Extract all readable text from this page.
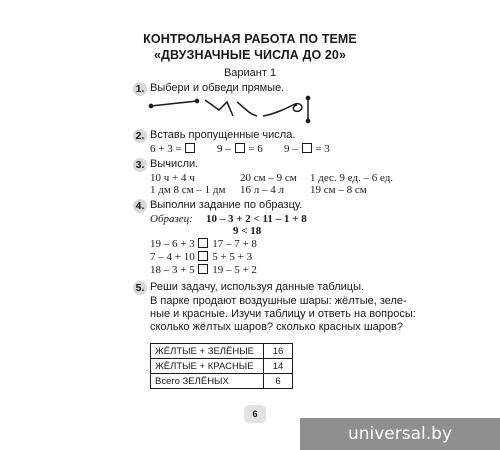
КОНТРОЛЬНАЯ РАБОТА ПО ТЕМЕ
«ДВУЗНАЧНЫЕ ЧИСЛА ДО 20»
Вариант 1
1. Выбери и обведи прямые.
2. Вставь пропущенные числа.
6 + 3 =	9 – = 6 9 – = 3
3. Вычисли.
10 ч + 4 ч	20 см – 9 см 1 дес. 9 ед. – 6 ед.
1 дм 8 см – 1 дм 16 л – 4 л 19 см – 8 см
4. Выполни задание по образцу.
Образец: 10 – 3 + 2 < 11 – 1 + 8
9 < 18
19 – 6 + 3 17 – 7 + 8
7 – 4 + 10 5 + 5 + 3
18 – 3 + 5 19 – 5 + 2
5. Реши задачу, используя данные таблицы.
В парке продают воздушные шары: жёлтые, зеле-
ные и красные. Изучи таблицу и ответь на вопросы:
сколько жёлтых шаров? сколько красных шаров?
ЖЁЛТЫЕ + ЗЕЛЁНЫЕ	16
ЖЁЛТЫЕ + КРАСНЫЕ	14
Всего ЗЕЛЁНЫХ	6
6
universal.by
